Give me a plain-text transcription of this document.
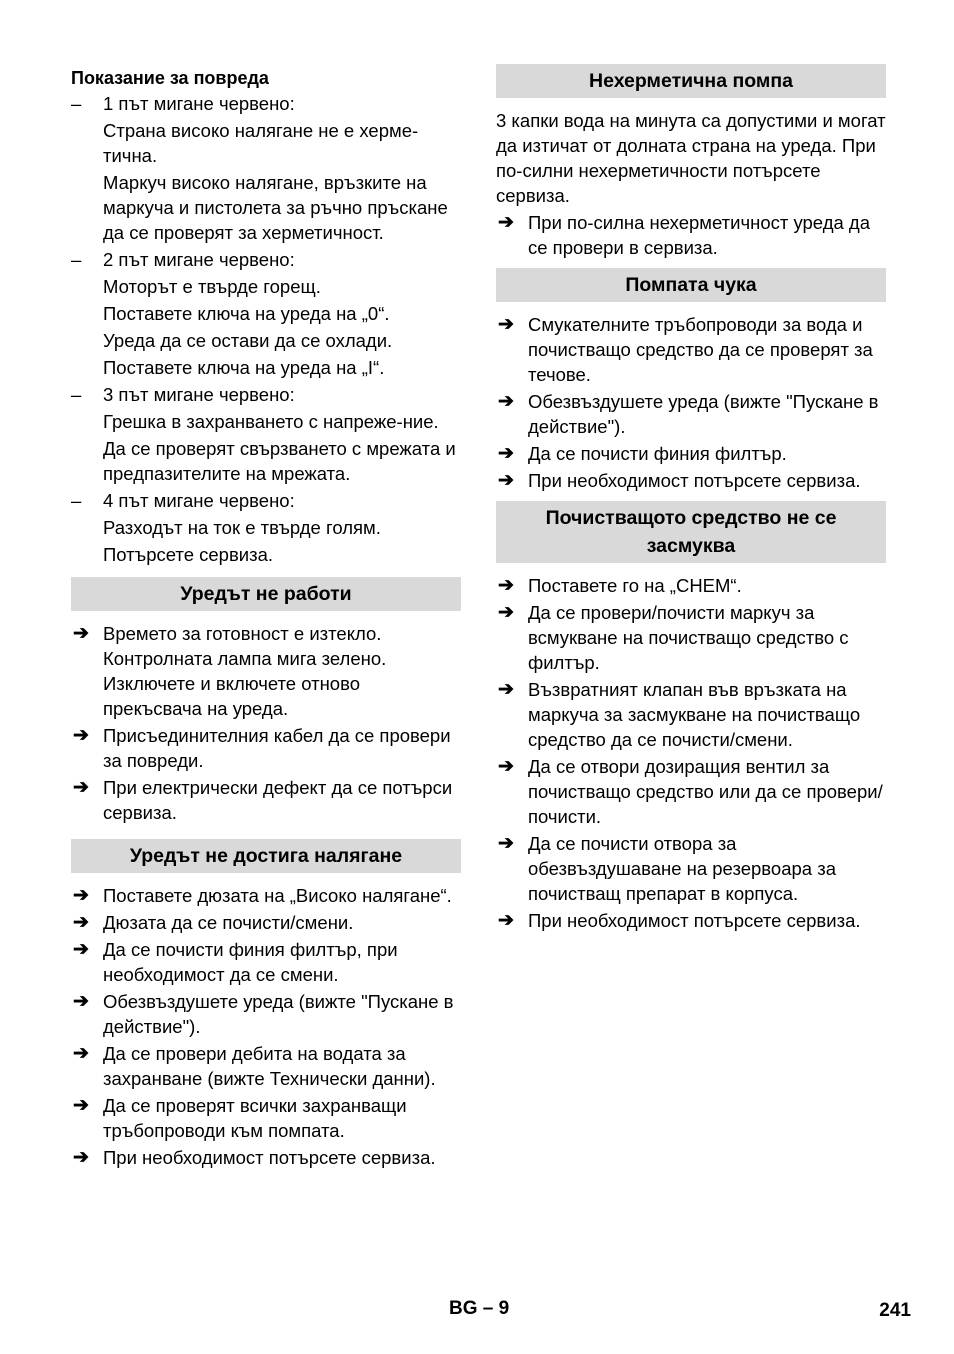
Показание за повреда
–	1 път мигане червено:

Страна високо налягане не е херме-тична.

Маркуч високо налягане, връзките на маркуча и пистолета за ръчно пръскане да се проверят за херметичност.

–	2 път мигане червено:

Моторът е твърде горещ.

Поставете ключа на уреда на „0“.

Уреда да се остави да се охлади.

Поставете ключа на уреда на „I“.

–	3 път мигане червено:

Грешка в захранването с напреже-ние.

Да се проверят свързването с мрежата и предпазителите на мрежата.

–	4 път мигане червено:

Разходът на ток е твърде голям.

Потърсете сервиза.

Уредът не работи
➔ Времето за готовност е изтекло. Контролната лампа мига зелено. Изключете и включете отново прекъсвача на уреда.
➔ Присъединителния кабел да се провери за повреди.
➔ При електрически дефект да се потърси сервиза.
Уредът не достига налягане
➔ Поставете дюзата на „Високо налягане“.
➔ Дюзата да се почисти/смени.
➔ Да се почисти финия филтър, при необходимост да се смени.
➔ Обезвъздушете уреда (вижте "Пускане в действие").
➔ Да се провери дебита на водата за захранване (вижте Технически данни).
➔ Да се проверят всички захранващи тръбопроводи към помпата.
➔ При необходимост потърсете сервиза.
Нехерметична помпа
3 капки вода на минута са допустими и могат да изтичат от долната страна на уреда. При по-силни нехерметичности потърсете сервиза.
➔ При по-силна нехерметичност уреда да се провери в сервиза.
Помпата чука
➔ Смукателните тръбопроводи за вода и почистващо средство да се проверят за течове.
➔ Обезвъздушете уреда (вижте "Пускане в действие").
➔ Да се почисти финия филтър.
➔ При необходимост потърсете сервиза.
Почистващото средство не се засмуква
➔ Поставете го на „CHEM“.
➔ Да се провери/почисти маркуч за всмукване на почистващо средство с филтър.
➔ Възвратният клапан във връзката на маркуча за засмукване на почистващо средство да се почисти/смени.
➔ Да се отвори дозиращия вентил за почистващо средство или да се провери/почисти.
➔ Да се почисти отвора за обезвъздушаване на резервоара за почистващ препарат в корпуса.
➔ При необходимост потърсете сервиза.
BG – 9	241
